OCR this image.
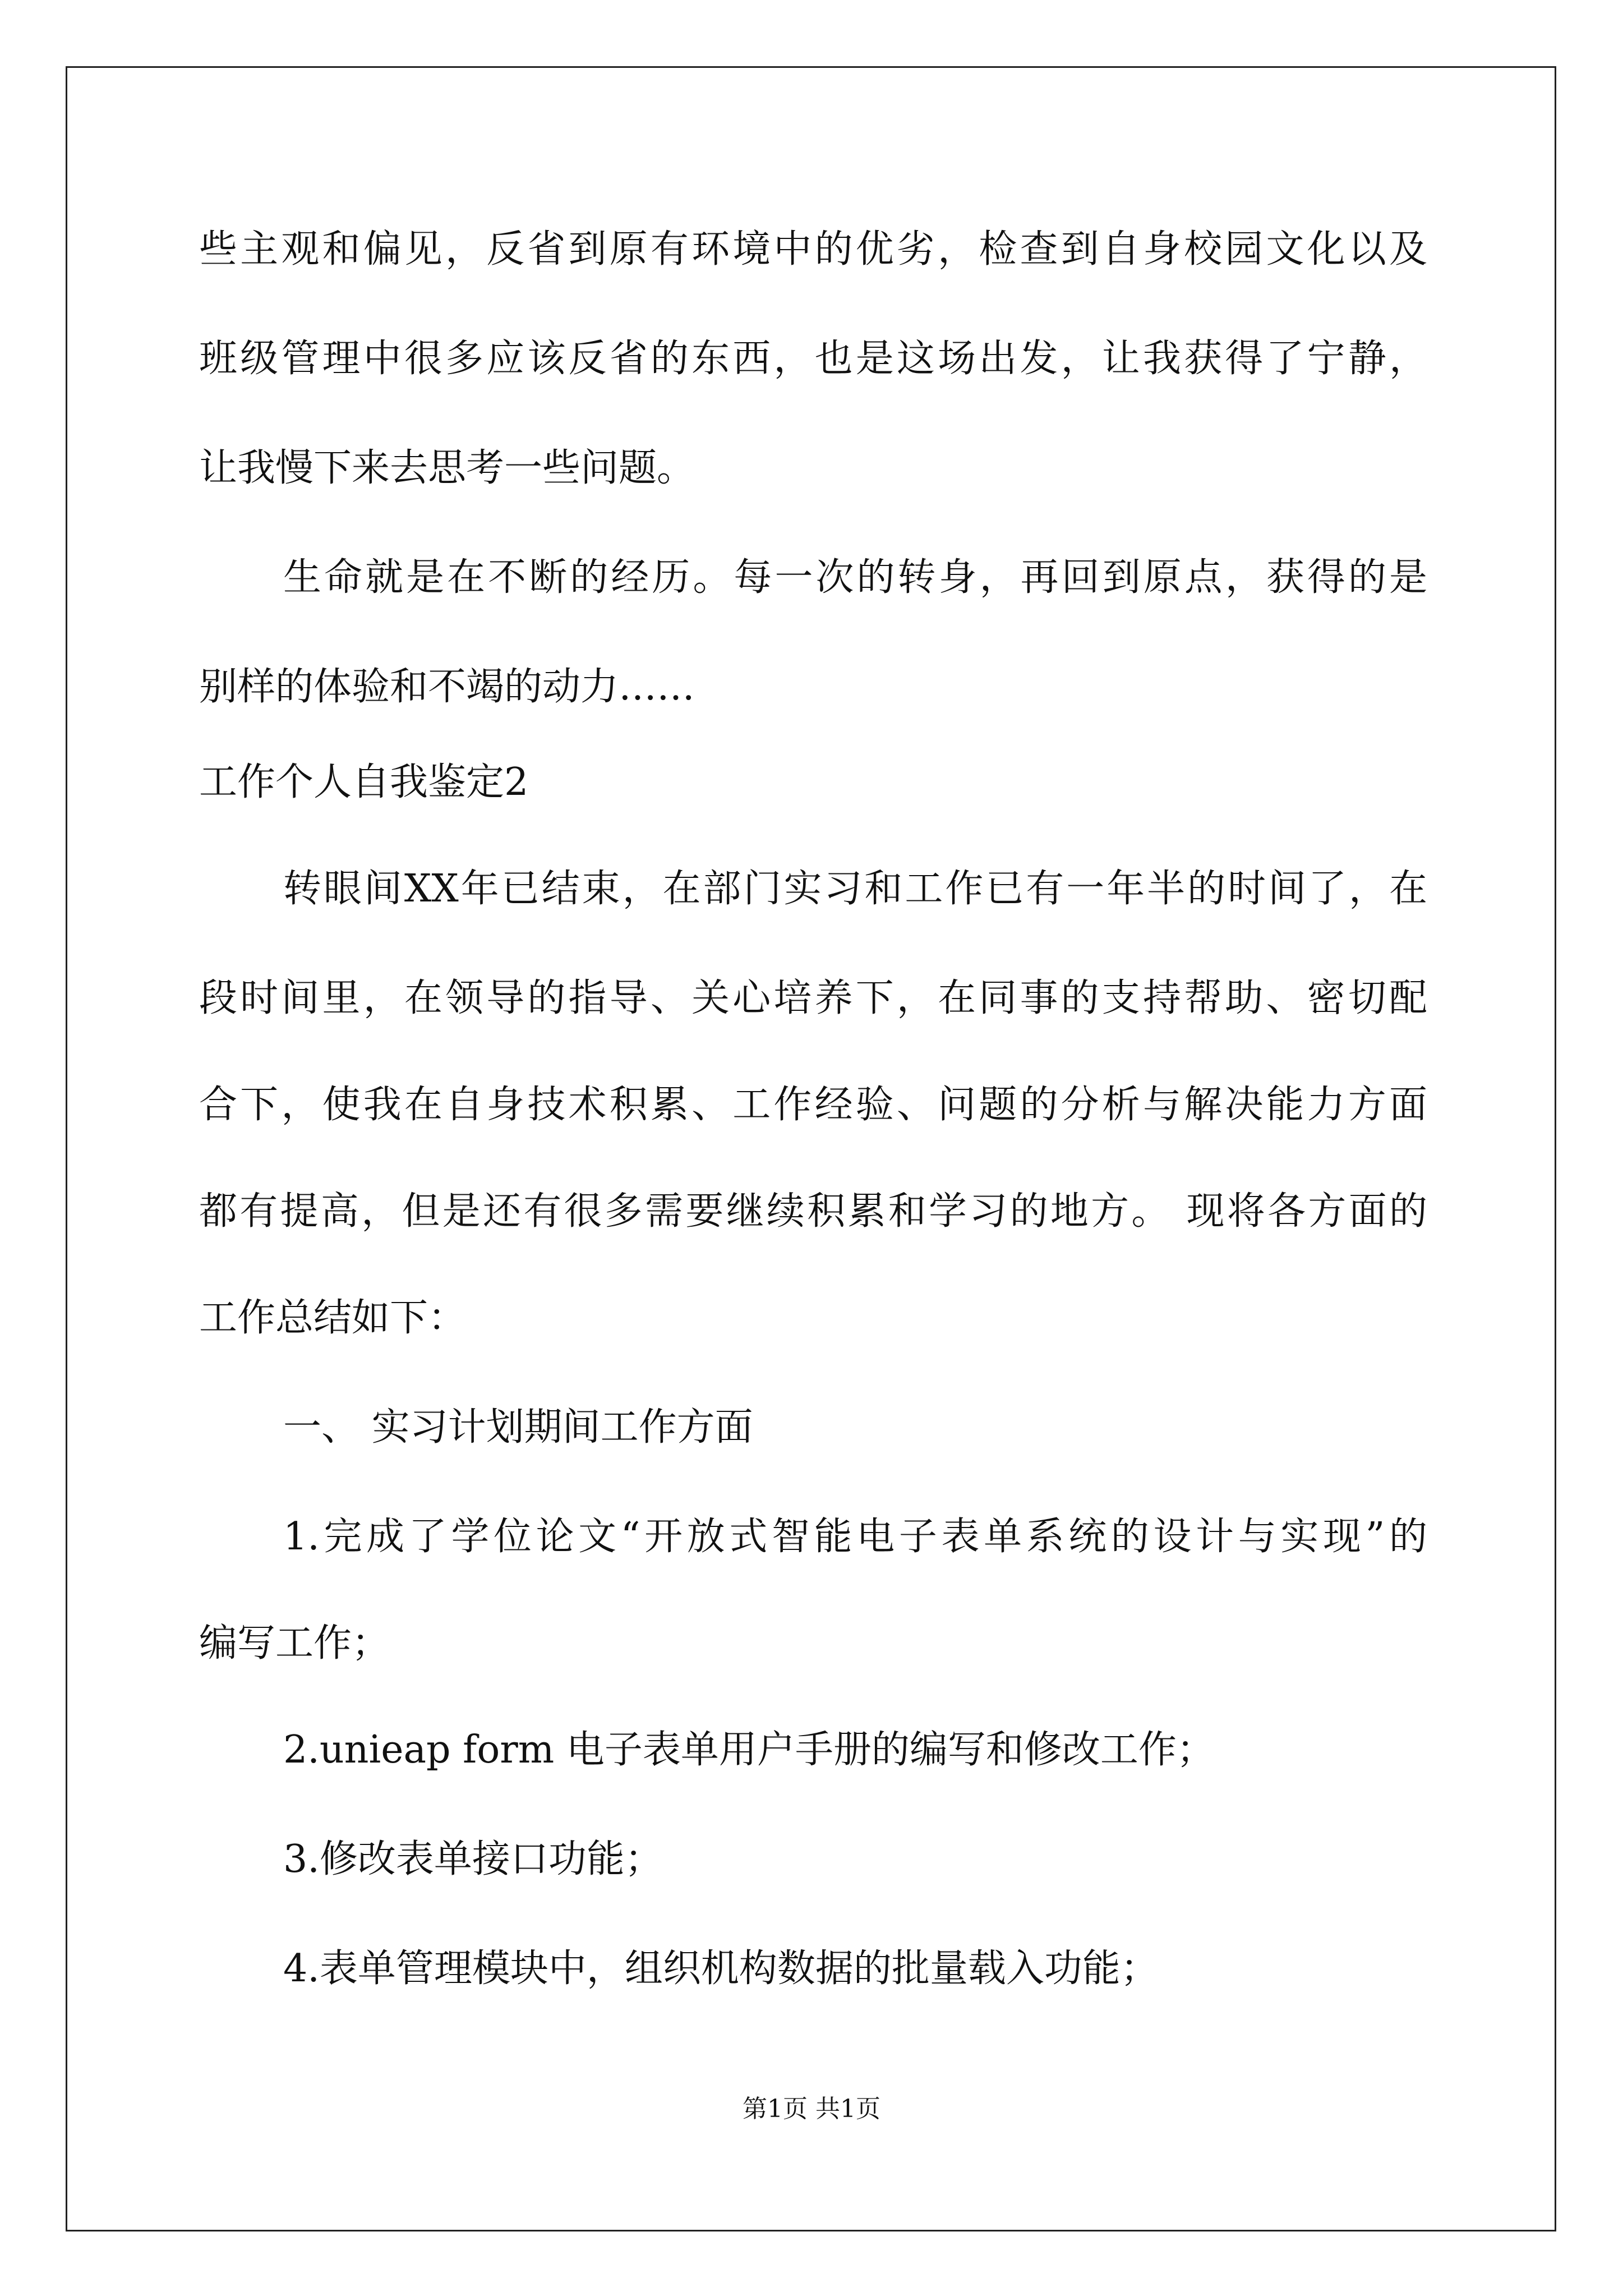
些主观和偏见，反省到原有环境中的优劣，检查到自身校园文化以及
班级管理中很多应该反省的东西，也是这场出发，让我获得了宁静，
让我慢下来去思考一些问题。
生命就是在不断的经历。每一次的转身，再回到原点，获得的是
别样的体验和不竭的动力……
工作个人自我鉴定2
转眼间XX年已结束，在部门实习和工作已有一年半的时间了，在
段时间里，在领导的指导、关心培养下，在同事的支持帮助、密切配
合下，使我在自身技术积累、工作经验、问题的分析与解决能力方面
都有提高，但是还有很多需要继续积累和学习的地方。 现将各方面的
工作总结如下：
一、 实习计划期间工作方面
1.完成了学位论文“开放式智能电子表单系统的设计与实现”的
编写工作；
2.unieap form 电子表单用户手册的编写和修改工作；
3.修改表单接口功能；
4.表单管理模块中，组织机构数据的批量载入功能；
第1页 共1页
